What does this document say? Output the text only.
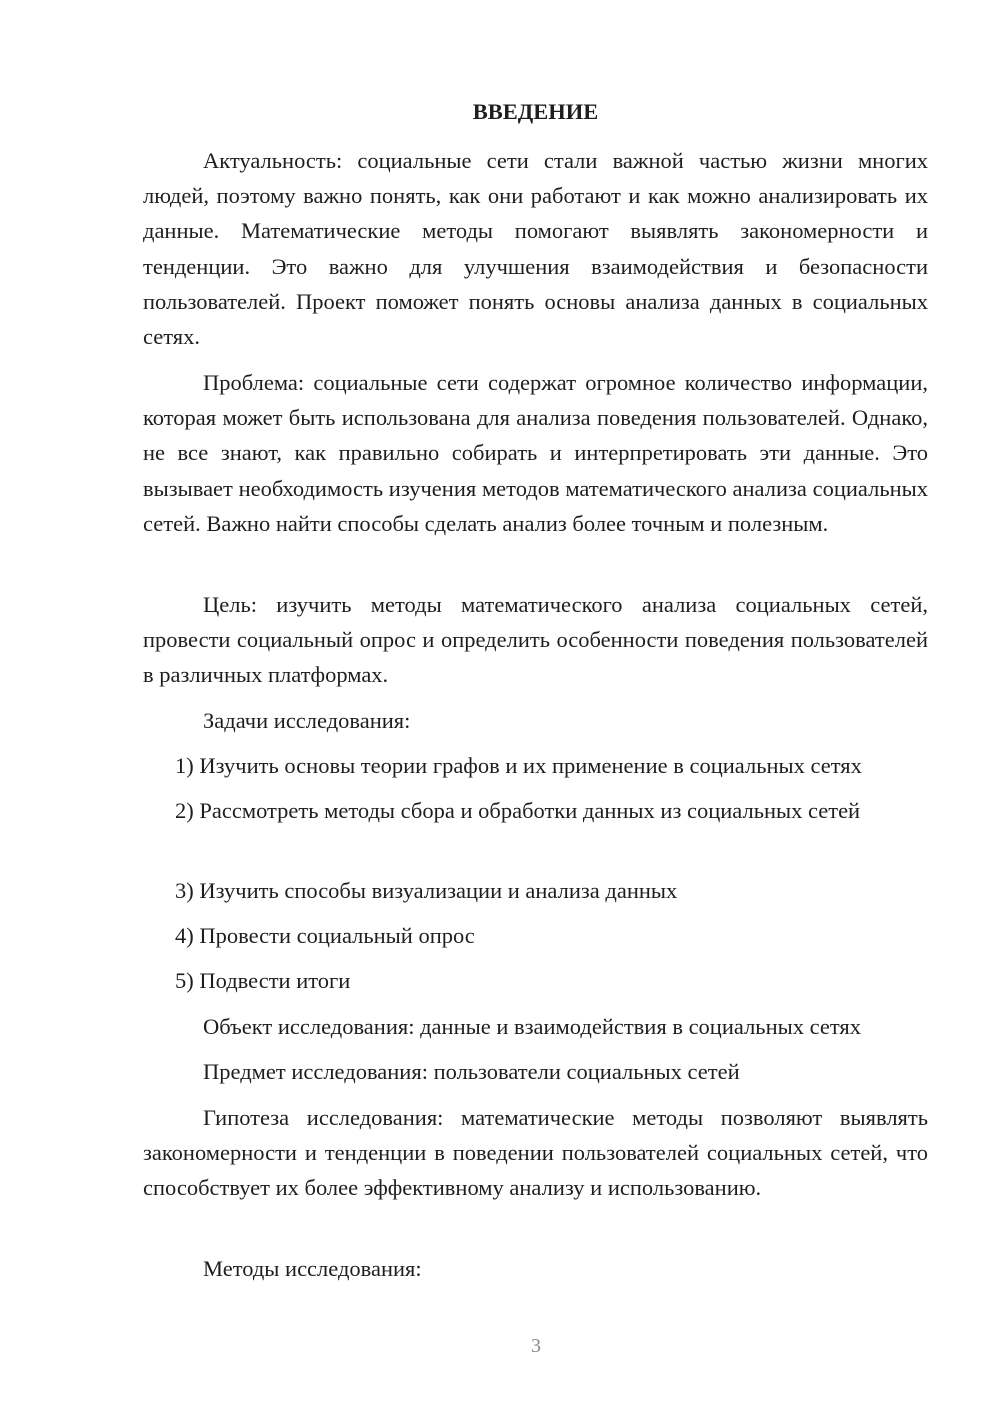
ВВЕДЕНИЕ

Актуальность: социальные сети стали важной частью жизни многих людей, поэтому важно понять, как они работают и как можно анализировать их данные. Математические методы помогают выявлять закономерности и тенденции. Это важно для улучшения взаимодействия и безопасности пользователей. Проект поможет понять основы анализа данных в социальных сетях.

Проблема: социальные сети содержат огромное количество информации, которая может быть использована для анализа поведения пользователей. Однако, не все знают, как правильно собирать и интерпретировать эти данные. Это вызывает необходимость изучения методов математического анализа социальных сетей. Важно найти способы сделать анализ более точным и полезным.

Цель: изучить методы математического анализа социальных сетей, провести социальный опрос и определить особенности поведения пользователей в различных платформах.

Задачи исследования:

1) Изучить основы теории графов и их применение в социальных сетях

2) Рассмотреть методы сбора и обработки данных из социальных сетей

3) Изучить способы визуализации и анализа данных

4) Провести социальный опрос

5) Подвести итоги

Объект исследования: данные и взаимодействия в социальных сетях

Предмет исследования: пользователи социальных сетей

Гипотеза исследования: математические методы позволяют выявлять закономерности и тенденции в поведении пользователей социальных сетей, что способствует их более эффективному анализу и использованию.

Методы исследования:

3
